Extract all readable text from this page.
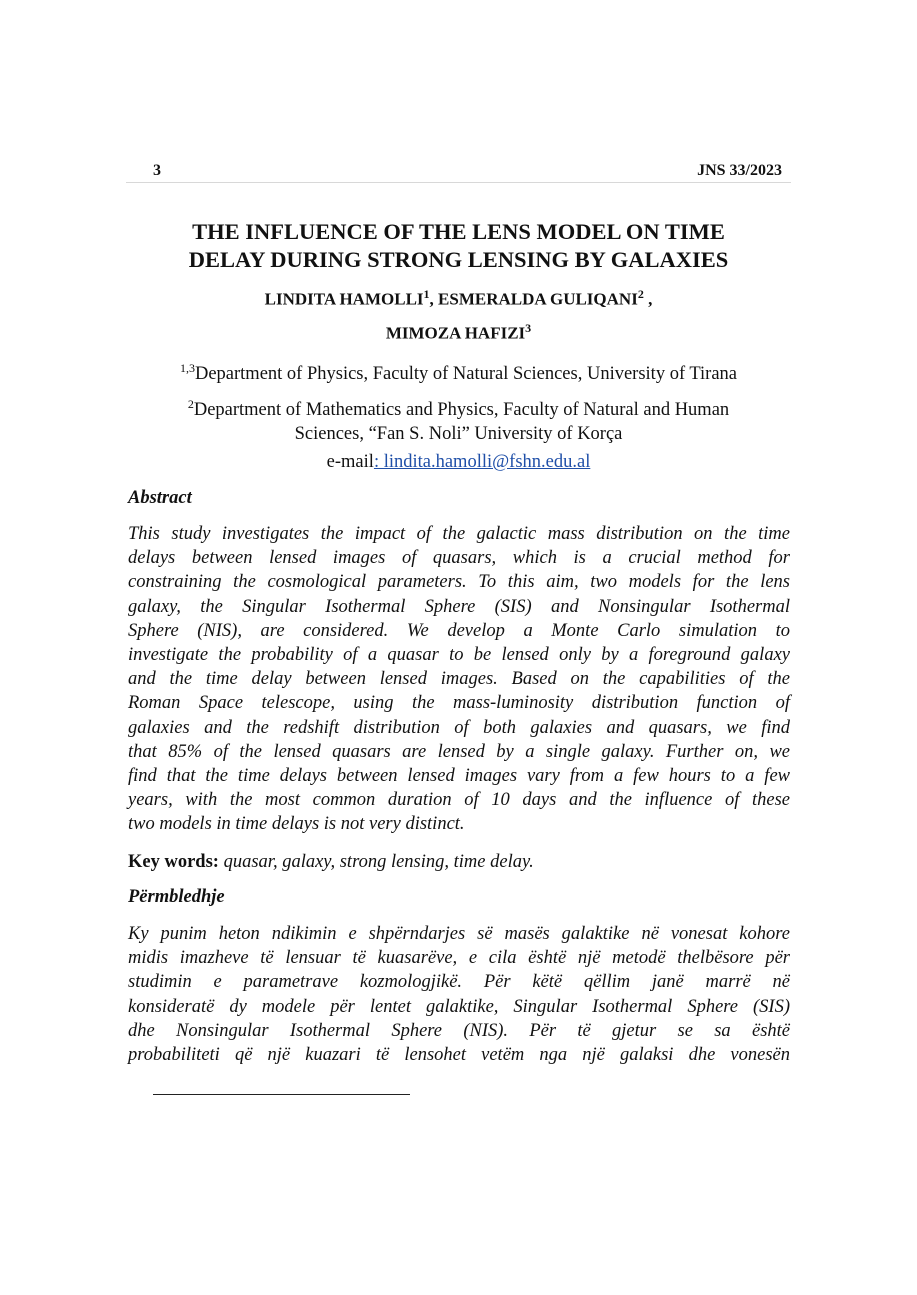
3	JNS 33/2023
THE INFLUENCE OF THE LENS MODEL ON TIME
DELAY DURING STRONG LENSING BY GALAXIES
LINDITA HAMOLLI$^1$, ESMERALDA GULIQANI$^2$ ,
MIMOZA HAFIZI$^3$
$^{1,3}$Department of Physics, Faculty of Natural Sciences, University of Tirana
$^2$Department of Mathematics and Physics, Faculty of Natural and Human
Sciences, “Fan S. Noli” University of Korça
e-mail: lindita.hamolli@fshn.edu.al
Abstract
This study investigates the impact of the galactic mass distribution on the time
delays between lensed images of quasars, which is a crucial method for
constraining the cosmological parameters. To this aim, two models for the lens
galaxy, the Singular Isothermal Sphere (SIS) and Nonsingular Isothermal
Sphere (NIS), are considered. We develop a Monte Carlo simulation to
investigate the probability of a quasar to be lensed only by a foreground galaxy
and the time delay between lensed images. Based on the capabilities of the
Roman Space telescope, using the mass-luminosity distribution function of
galaxies and the redshift distribution of both galaxies and quasars, we find
that 85% of the lensed quasars are lensed by a single galaxy. Further on, we
find that the time delays between lensed images vary from a few hours to a few
years, with the most common duration of 10 days and the influence of these
two models in time delays is not very distinct.
Key words: quasar, galaxy, strong lensing, time delay.
Përmbledhje
Ky punim heton ndikimin e shpërndarjes së masës galaktike në vonesat kohore
midis imazheve të lensuar të kuasarëve, e cila është një metodë thelbësore për
studimin e parametrave kozmologjikë. Për këtë qëllim janë marrë në
konsideratë dy modele për lentet galaktike, Singular Isothermal Sphere (SIS)
dhe Nonsingular Isothermal Sphere (NIS). Për të gjetur se sa është
probabiliteti që një kuazari të lensohet vetëm nga një galaksi dhe vonesën
